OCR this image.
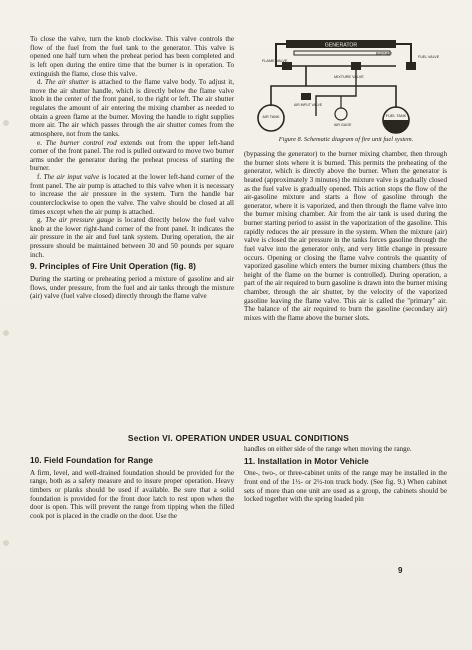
To close the valve, turn the knob clockwise. This valve controls the flow of the fuel from the fuel tank to the generator. This valve is opened one half turn when the preheat period has been completed and is left open during the entire time that the burner is in operation. To extinguish the flame, close this valve.

d. The air shutter is attached to the flame valve body. To adjust it, move the air shutter handle, which is directly below the flame valve knob in the center of the front panel, to the right or left. The air shutter regulates the amount of air entering the mixing chamber as needed to obtain a green flame at the burner. Moving the handle to right supplies more air. The air which passes through the air shutter comes from the atmosphere, not from the tanks.

e. The burner control rod extends out from the upper left-hand corner of the front panel. The rod is pulled outward to move two burner arms under the generator during the preheat process of starting the burner.

f. The air input valve is located at the lower left-hand corner of the front panel. The air pump is attached to this valve when it is necessary to increase the air pressure in the system. Turn the handle bar counterclockwise to open the valve. The valve should be closed at all times except when the air pump is attached.

g. The air pressure gauge is located directly below the fuel valve knob at the lower right-hand corner of the front panel. It indicates the air pressure in the air and fuel tank system. During operation, the air pressure should be maintained between 30 and 50 pounds per square inch.

9. Principles of Fire Unit Operation (fig. 8)

During the starting or preheating period a mixture of gasoline and air flows, under pressure, from the fuel and air tanks through the mixture (air) valve (fuel valve closed) directly through the flame valve

GENERATOR
BURNER
FLAME VALVE
MIXTURE VALVE
FUEL VALVE
AIR INPUT VALVE
AIR GAGE
AIR TANK	FUEL TANK
Figure 8. Schematic diagram of fire unit fuel system.

(bypassing the generator) to the burner mixing chamber, then through the burner slots where it is burned. This permits the preheating of the generator, which is directly above the burner. When the generator is heated (approximately 3 minutes) the mixture valve is gradually closed as the fuel valve is gradually opened. This action stops the flow of the air-gasoline mixture and starts a flow of gasoline through the generator, where it is vaporized, and then through the flame valve into the burner mixing chamber. Air from the air tank is used during the burner starting period to assist in the vaporization of the gasoline. This rapidly reduces the air pressure in the system. When the mixture (air) valve is closed the air pressure in the tanks forces gasoline through the fuel valve into the generator only, and very little change in pressure occurs. Opening or closing the flame valve controls the quantity of vaporized gasoline which enters the burner mixing chambers (thus the height of the flame on the burner is controlled). During operation, a part of the air required to burn gasoline is drawn into the burner mixing chamber, through the air shutter, by the velocity of the vaporized gasoline leaving the flame valve. This air is called the "primary" air. The balance of the air required to burn the gasoline (secondary air) mixes with the flame above the burner slots.

Section VI. OPERATION UNDER USUAL CONDITIONS
10. Field Foundation for Range

A firm, level, and well-drained foundation should be provided for the range, both as a safety measure and to insure proper operation. Heavy timbers or planks should be used if available. Be sure that a solid foundation is provided for the front door latch to rest upon when the door is open. This will prevent the range from tipping when the filled cook pot is placed in the cradle on the door. Use the

handles on either side of the range when moving the range.

11. Installation in Motor Vehicle

One-, two-, or three-cabinet units of the range may be installed in the front end of the 1½- or 2½-ton truck body. (See fig. 9.) When cabinet sets of more than one unit are used as a group, the cabinets should be locked together with the spring loaded pin

9
